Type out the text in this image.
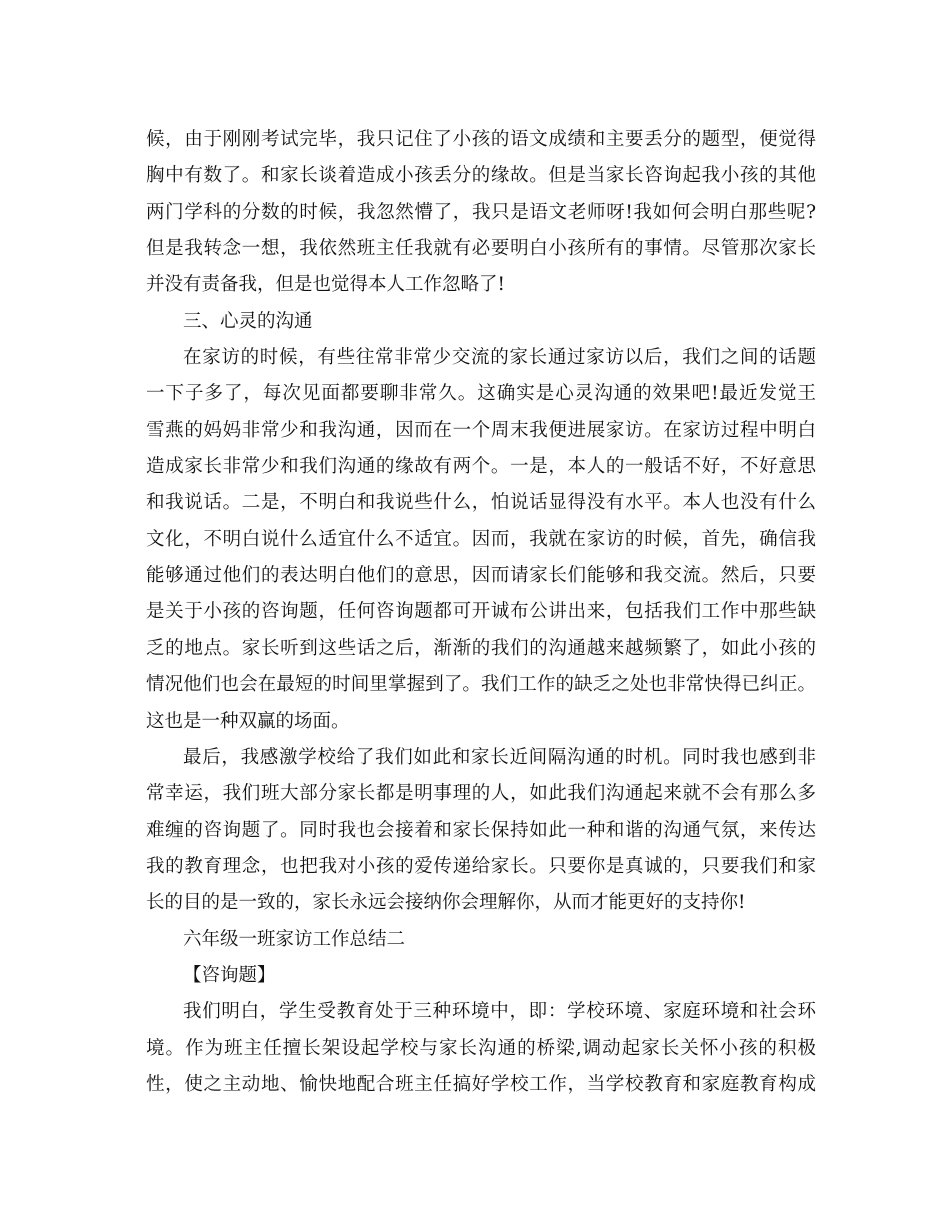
候，由于刚刚考试完毕，我只记住了小孩的语文成绩和主要丢分的题型，便觉得
胸中有数了。和家长谈着造成小孩丢分的缘故。但是当家长咨询起我小孩的其他
两门学科的分数的时候，我忽然懵了，我只是语文老师呀!我如何会明白那些呢?
但是我转念一想，我依然班主任我就有必要明白小孩所有的事情。尽管那次家长
并没有责备我，但是也觉得本人工作忽略了!
三、心灵的沟通
在家访的时候，有些往常非常少交流的家长通过家访以后，我们之间的话题
一下子多了，每次见面都要聊非常久。这确实是心灵沟通的效果吧!最近发觉王
雪燕的妈妈非常少和我沟通，因而在一个周末我便进展家访。在家访过程中明白
造成家长非常少和我们沟通的缘故有两个。一是，本人的一般话不好，不好意思
和我说话。二是，不明白和我说些什么，怕说话显得没有水平。本人也没有什么
文化，不明白说什么适宜什么不适宜。因而，我就在家访的时候，首先，确信我
能够通过他们的表达明白他们的意思，因而请家长们能够和我交流。然后，只要
是关于小孩的咨询题，任何咨询题都可开诚布公讲出来，包括我们工作中那些缺
乏的地点。家长听到这些话之后，渐渐的我们的沟通越来越频繁了，如此小孩的
情况他们也会在最短的时间里掌握到了。我们工作的缺乏之处也非常快得已纠正。
这也是一种双赢的场面。
最后，我感激学校给了我们如此和家长近间隔沟通的时机。同时我也感到非
常幸运，我们班大部分家长都是明事理的人，如此我们沟通起来就不会有那么多
难缠的咨询题了。同时我也会接着和家长保持如此一种和谐的沟通气氛，来传达
我的教育理念，也把我对小孩的爱传递给家长。只要你是真诚的，只要我们和家
长的目的是一致的，家长永远会接纳你会理解你，从而才能更好的支持你!
六年级一班家访工作总结二
【咨询题】
我们明白，学生受教育处于三种环境中，即：学校环境、家庭环境和社会环
境。作为班主任擅长架设起学校与家长沟通的桥梁,调动起家长关怀小孩的积极
性，使之主动地、愉快地配合班主任搞好学校工作，当学校教育和家庭教育构成
